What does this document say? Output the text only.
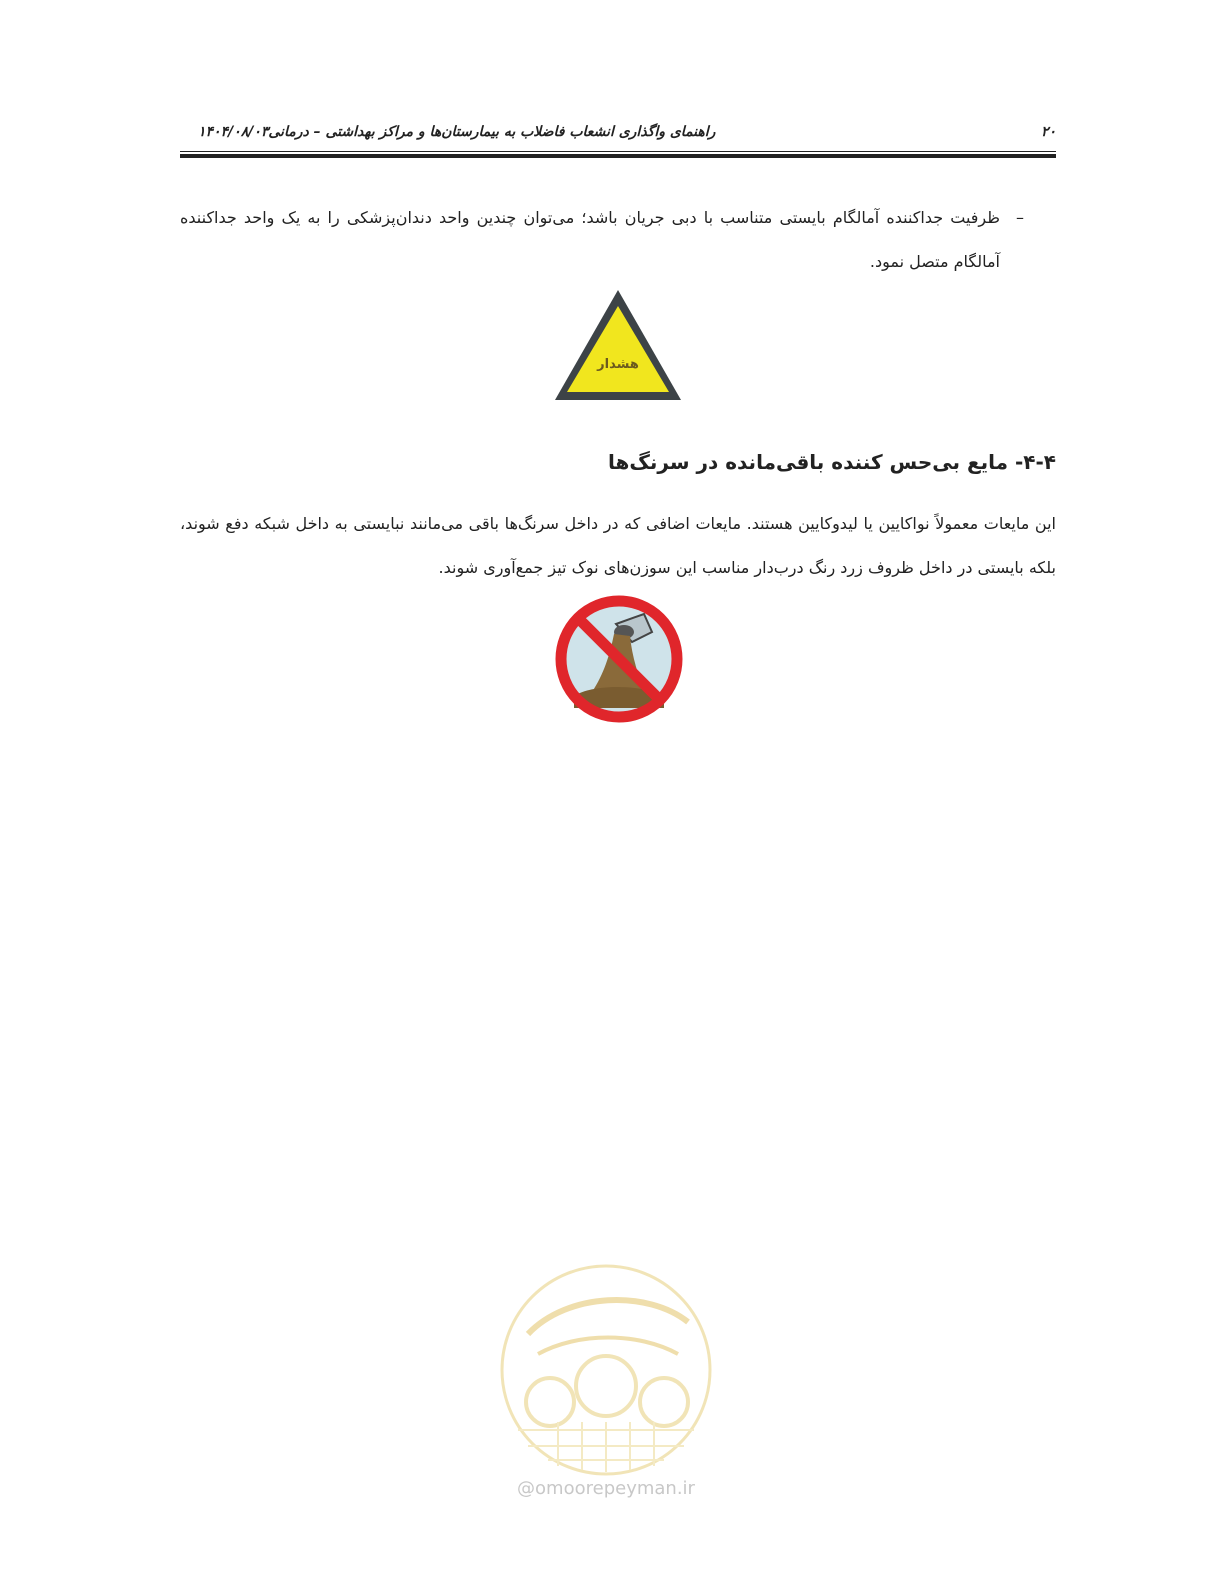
۲۰
راهنمای واگذاری انشعاب فاضلاب به بیمارستان‌ها و مراکز بهداشتی – درمانی۱۴۰۴/۰۸/۰۳
–
ظرفیت جداکننده آمالگام بایستی متناسب با دبی جریان باشد؛ می‌توان چندین واحد دندان‌پزشکی را به یک واحد جداکننده آمالگام متصل نمود.
هشدار
۴-۴- مایع بی‌حس کننده باقی‌مانده در سرنگ‌ها
این مایعات معمولاً نواکایین یا لیدوکایین هستند. مایعات اضافی که در داخل سرنگ‌ها باقی می‌مانند نبایستی به داخل شبکه دفع شوند، بلکه بایستی در داخل ظروف زرد رنگ درب‌دار مناسب این سوزن‌های نوک تیز جمع‌آوری شوند.
@omoorepeyman.ir
